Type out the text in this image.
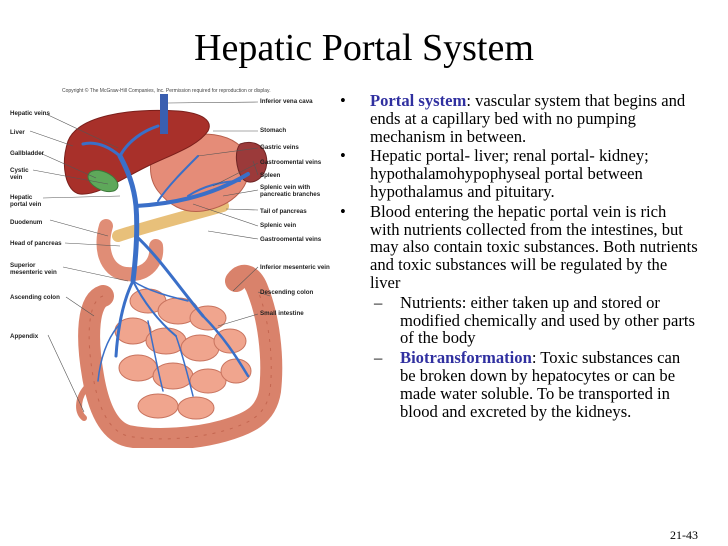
Hepatic Portal System
Copyright © The McGraw-Hill Companies, Inc. Permission required for reproduction or display.
Hepatic veins
Liver
Gallbladder
Cystic
vein
Hepatic
portal vein
Duodenum
Head of pancreas
Superior
mesenteric vein
Ascending colon
Appendix
Inferior vena cava
Stomach
Gastric veins
Gastroomental veins
Spleen
Splenic vein with
pancreatic branches
Tail of pancreas
Splenic vein
Gastroomental veins
Inferior mesenteric vein
Descending colon
Small intestine
• Portal system: vascular system that begins and ends at a capillary bed with no pumping mechanism in between.
• Hepatic portal- liver; renal portal- kidney; hypothalamohypophyseal portal between hypothalamus and pituitary.
• Blood entering the hepatic portal vein is rich with nutrients collected from the intestines, but may also contain toxic substances. Both nutrients and toxic substances will be regulated by the liver
– Nutrients: either taken up and stored or modified chemically and used by other parts of the body
– Biotransformation: Toxic substances can be broken down by hepatocytes or can be made water soluble. To be transported in blood and excreted by the kidneys.
21-43
